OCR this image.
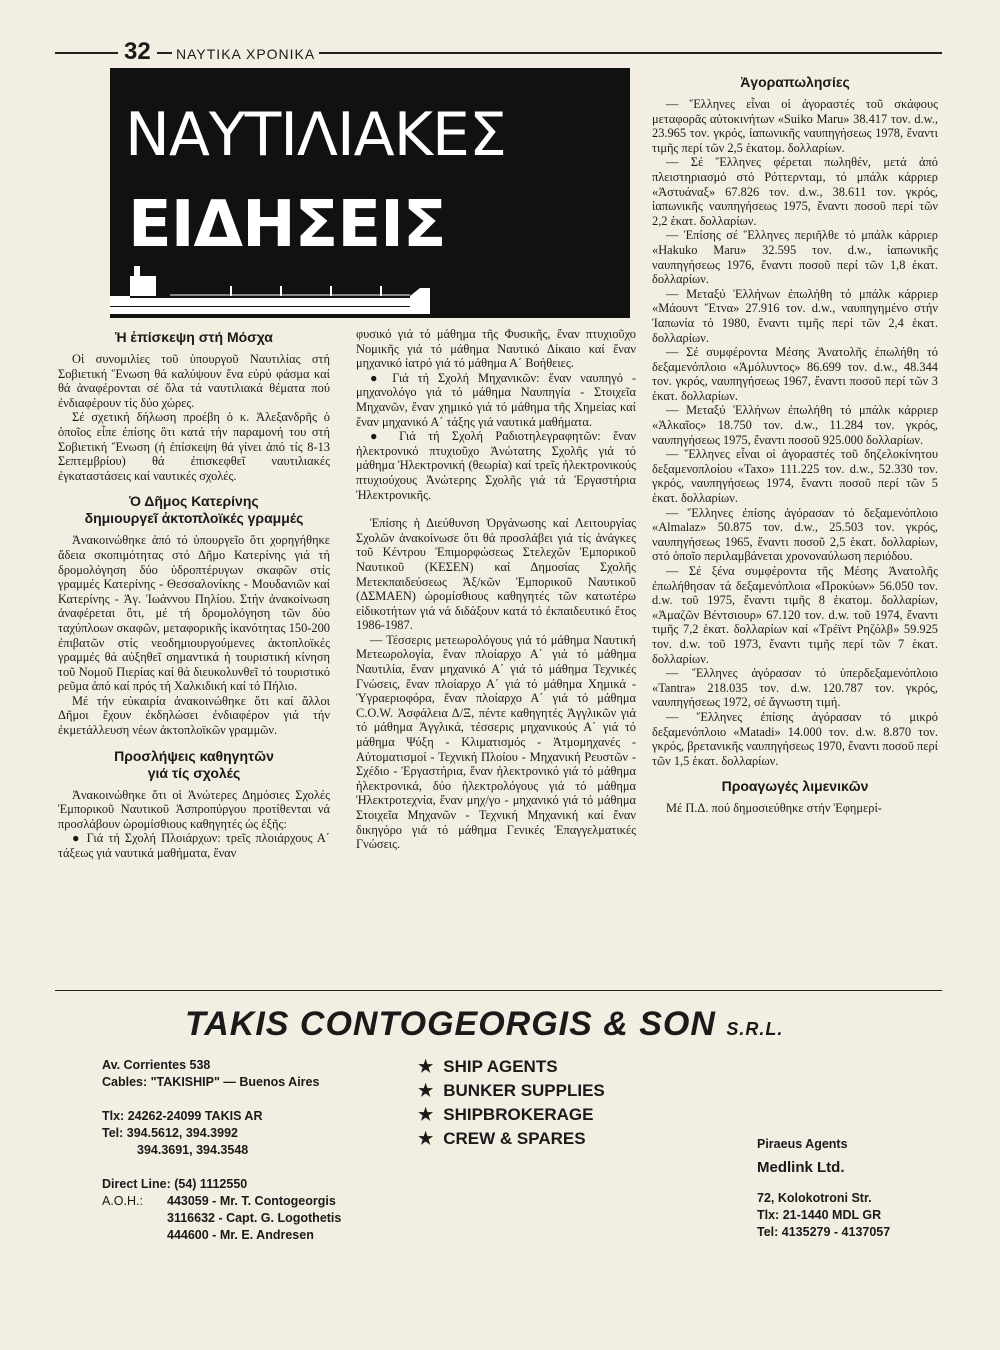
32	ΝΑΥΤΙΚΑ ΧΡΟΝΙΚΑ
ΝΑΥΤΙΛΙΑΚΕΣ
ΕΙΔΗΣΕΙΣ
Ἡ ἐπίσκεψη στή Μόσχα

Οἱ συνομιλίες τοῦ ὑπουργοῦ Ναυτιλίας στή Σοβιετική Ἕνωση θά καλύψουν ἕνα εὐρύ φάσμα καί θά ἀναφέρονται σέ ὅλα τά ναυτιλιακά θέματα πού ἐνδιαφέρουν τίς δύο χώρες.

Σέ σχετική δήλωση προέβη ὁ κ. Ἀλεξανδρῆς ὁ ὁποῖος εἶπε ἐπίσης ὅτι κατά τήν παραμονή του στή Σοβιετική Ἕνωση (ἡ ἐπίσκεψη θά γίνει ἀπό τίς 8-13 Σεπτεμβρίου) θά ἐπισκεφθεῖ ναυτιλιακές ἐγκαταστάσεις καί ναυτικές σχολές.

Ὁ Δῆμος Κατερίνης
δημιουργεῖ ἀκτοπλοϊκές γραμμές

Ἀνακοινώθηκε ἀπό τό ὑπουργεῖο ὅτι χορηγήθηκε ἄδεια σκοπιμότητας στό Δῆμο Κατερίνης γιά τή δρομολόγηση δύο ὑδροπτέρυγων σκαφῶν στίς γραμμές Κατερίνης - Θεσσαλονίκης - Μουδανιῶν καί Κατερίνης - Ἁγ. Ἰωάννου Πηλίου. Στήν ἀνακοίνωση ἀναφέρεται ὅτι, μέ τή δρομολόγηση τῶν δύο ταχύπλοων σκαφῶν, μεταφορικῆς ἱκανότητας 150-200 ἐπιβατῶν στίς νεοδημιουργούμενες ἀκτοπλοϊκές γραμμές θά αὐξηθεῖ σημαντικά ἡ τουριστική κίνηση τοῦ Νομοῦ Πιερίας καί θά διευκολυνθεῖ τό τουριστικό ρεῦμα ἀπό καί πρός τή Χαλκιδική καί τό Πήλιο.

Μέ τήν εὐκαιρία ἀνακοινώθηκε ὅτι καί ἄλλοι Δῆμοι ἔχουν ἐκδηλώσει ἐνδιαφέρον γιά τήν ἐκμετάλλευση νέων ἀκτοπλοϊκῶν γραμμῶν.

Προσλήψεις καθηγητῶν
γιά τίς σχολές

Ἀνακοινώθηκε ὅτι οἱ Ἀνώτερες Δημόσιες Σχολές Ἐμπορικοῦ Ναυτικοῦ Ἀσπροπύργου προτίθενται νά προσλάβουν ὡρομίσθιους καθηγητές ὡς ἑξῆς:

● Γιά τή Σχολή Πλοιάρχων: τρεῖς πλοιάρχους Α΄ τάξεως γιά ναυτικά μαθήματα, ἕναν

φυσικό γιά τό μάθημα τῆς Φυσικῆς, ἕναν πτυχιοῦχο Νομικῆς γιά τό μάθημα Ναυτικό Δίκαιο καί ἕναν μηχανικό ἰατρό γιά τό μάθημα Α΄ Βοήθειες.

● Γιά τή Σχολή Μηχανικῶν: ἕναν ναυπηγό - μηχανολόγο γιά τό μάθημα Ναυπηγία - Στοιχεῖα Μηχανῶν, ἕναν χημικό γιά τό μάθημα τῆς Χημείας καί ἕναν μηχανικό Α΄ τάξης γιά ναυτικά μαθήματα.

● Γιά τή Σχολή Ραδιοτηλεγραφητῶν: ἕναν ἠλεκτρονικό πτυχιοῦχο Ἀνώτατης Σχολῆς γιά τό μάθημα Ἠλεκτρονική (θεωρία) καί τρεῖς ἠλεκτρονικούς πτυχιούχους Ἀνώτερης Σχολῆς γιά τά Ἐργαστήρια Ἠλεκτρονικῆς.

Ἐπίσης ἡ Διεύθυνση Ὀργάνωσης καί Λειτουργίας Σχολῶν ἀνακοίνωσε ὅτι θά προσλάβει γιά τίς ἀνάγκες τοῦ Κέντρου Ἐπιμορφώσεως Στελεχῶν Ἐμπορικοῦ Ναυτικοῦ (ΚΕΣΕΝ) καί Δημοσίας Σχολῆς Μετεκπαιδεύσεως Ἀξ/κῶν Ἐμπορικοῦ Ναυτικοῦ (ΔΣΜΑΕΝ) ὡρομίσθιους καθηγητές τῶν κατωτέρω εἰδικοτήτων γιά νά διδάξουν κατά τό ἐκπαιδευτικό ἔτος 1986-1987.

— Τέσσερις μετεωρολόγους γιά τό μάθημα Ναυτική Μετεωρολογία, ἕναν πλοίαρχο Α΄ γιά τό μάθημα Ναυτιλία, ἕναν μηχανικό Α΄ γιά τό μάθημα Τεχνικές Γνώσεις, ἕναν πλοίαρχο Α΄ γιά τό μάθημα Χημικά - Ὑγραεριοφόρα, ἕναν πλοίαρχο Α΄ γιά τό μάθημα C.O.W. Ἀσφάλεια Δ/Ξ, πέντε καθηγητές Ἀγγλικῶν γιά τό μάθημα Ἀγγλικά, τέσσερις μηχανικούς Α΄ γιά τό μάθημα Ψύξη - Κλιματισμός - Ἀτμομηχανές - Αὐτοματισμοί - Τεχνική Πλοίου - Μηχανική Ρευστῶν - Σχέδιο - Ἐργαστήρια, ἕναν ἠλεκτρονικό γιά τό μάθημα ἠλεκτρονικά, δύο ἠλεκτρολόγους γιά τό μάθημα Ἠλεκτροτεχνία, ἕναν μηχ/γο - μηχανικό γιά τό μάθημα Στοιχεῖα Μηχανῶν - Τεχνική Μηχανική καί ἕναν δικηγόρο γιά τό μάθημα Γενικές Ἐπαγγελματικές Γνώσεις.

Ἀγοραπωλησίες

— Ἕλληνες εἶναι οἱ ἀγοραστές τοῦ σκάφους μεταφορᾶς αὐτοκινήτων «Suiko Maru» 38.417 τον. d.w., 23.965 τον. γκρός, ἰαπωνικῆς ναυπηγήσεως 1978, ἔναντι τιμῆς περί τῶν 2,5 ἑκατομ. δολλαρίων.

— Σέ Ἕλληνες φέρεται πωληθέν, μετά ἀπό πλειστηριασμό στό Ρόττερνταμ, τό μπάλκ κάρριερ «Ἀστυάναξ» 67.826 τον. d.w., 38.611 τον. γκρός, ἰαπωνικῆς ναυπηγήσεως 1975, ἔναντι ποσοῦ περί τῶν 2,2 ἑκατ. δολλαρίων.

— Ἐπίσης σέ Ἕλληνες περιῆλθε τό μπάλκ κάρριερ «Hakuko Maru» 32.595 τον. d.w., ἰαπωνικῆς ναυπηγήσεως 1976, ἔναντι ποσοῦ περί τῶν 1,8 ἑκατ. δολλαρίων.

— Μεταξύ Ἑλλήνων ἐπωλήθη τό μπάλκ κάρριερ «Μάουντ Ἔτνα» 27.916 τον. d.w., ναυπηγημένο στήν Ἰαπωνία τό 1980, ἔναντι τιμῆς περί τῶν 2,4 ἑκατ. δολλαρίων.

— Σέ συμφέροντα Μέσης Ἀνατολῆς ἐπωλήθη τό δεξαμενόπλοιο «Ἀμόλυντος» 86.699 τον. d.w., 48.344 τον. γκρός, ναυπηγήσεως 1967, ἔναντι ποσοῦ περί τῶν 3 ἑκατ. δολλαρίων.

— Μεταξύ Ἑλλήνων ἐπωλήθη τό μπάλκ κάρριερ «Ἀλκαῖος» 18.750 τον. d.w., 11.284 τον. γκρός, ναυπηγήσεως 1975, ἔναντι ποσοῦ 925.000 δολλαρίων.

— Ἕλληνες εἶναι οἱ ἀγοραστές τοῦ δηζελοκίνητου δεξαμενοπλοίου «Taxo» 111.225 τον. d.w., 52.330 τον. γκρός, ναυπηγήσεως 1974, ἔναντι ποσοῦ περί τῶν 5 ἑκατ. δολλαρίων.

— Ἕλληνες ἐπίσης ἀγόρασαν τό δεξαμενόπλοιο «Almalaz» 50.875 τον. d.w., 25.503 τον. γκρός, ναυπηγήσεως 1965, ἔναντι ποσοῦ 2,5 ἑκατ. δολλαρίων, στό ὁποῖο περιλαμβάνεται χρονοναύλωση περιόδου.

— Σέ ξένα συμφέροντα τῆς Μέσης Ἀνατολῆς ἐπωλήθησαν τά δεξαμενόπλοια «Προκύων» 56.050 τον. d.w. τοῦ 1975, ἔναντι τιμῆς 8 ἑκατομ. δολλαρίων, «Ἀμαζῶν Βέντσιουρ» 67.120 τον. d.w. τοῦ 1974, ἔναντι τιμῆς 7,2 ἑκατ. δολλαρίων καί «Τρέϊντ Ρηζόλβ» 59.925 τον. d.w. τοῦ 1973, ἔναντι τιμῆς περί τῶν 7 ἑκατ. δολλαρίων.

— Ἕλληνες ἀγόρασαν τό ὑπερδεξαμενόπλοιο «Tantra» 218.035 τον. d.w. 120.787 τον. γκρός, ναυπηγήσεως 1972, σέ ἄγνωστη τιμή.

— Ἕλληνες ἐπίσης ἀγόρασαν τό μικρό δεξαμενόπλοιο «Matadi» 14.000 τον. d.w. 8.870 τον. γκρός, βρετανικῆς ναυπηγήσεως 1970, ἔναντι ποσοῦ περί τῶν 1,5 ἑκατ. δολλαρίων.

Προαγωγές λιμενικῶν

Μέ Π.Δ. πού δημοσιεύθηκε στήν Ἐφημερί-

TAKIS CONTOGEORGIS & SON S.R.L.
Av. Corrientes 538
Cables: "TAKISHIP" — Buenos Aires
Tlx: 24262-24099 TAKIS AR
Tel: 394.5612, 394.3992
394.3691, 394.3548
Direct Line: (54) 1112550
A.O.H.: 443059 - Mr. T. Contogeorgis
3116632 - Capt. G. Logothetis
444600 - Mr. E. Andresen
★ SHIP AGENTS
★ BUNKER SUPPLIES
★ SHIPBROKERAGE
★ CREW & SPARES	Piraeus Agents
Medlink Ltd.
72, Kolokotroni Str.
Tlx: 21-1440 MDL GR
Tel: 4135279 - 4137057
